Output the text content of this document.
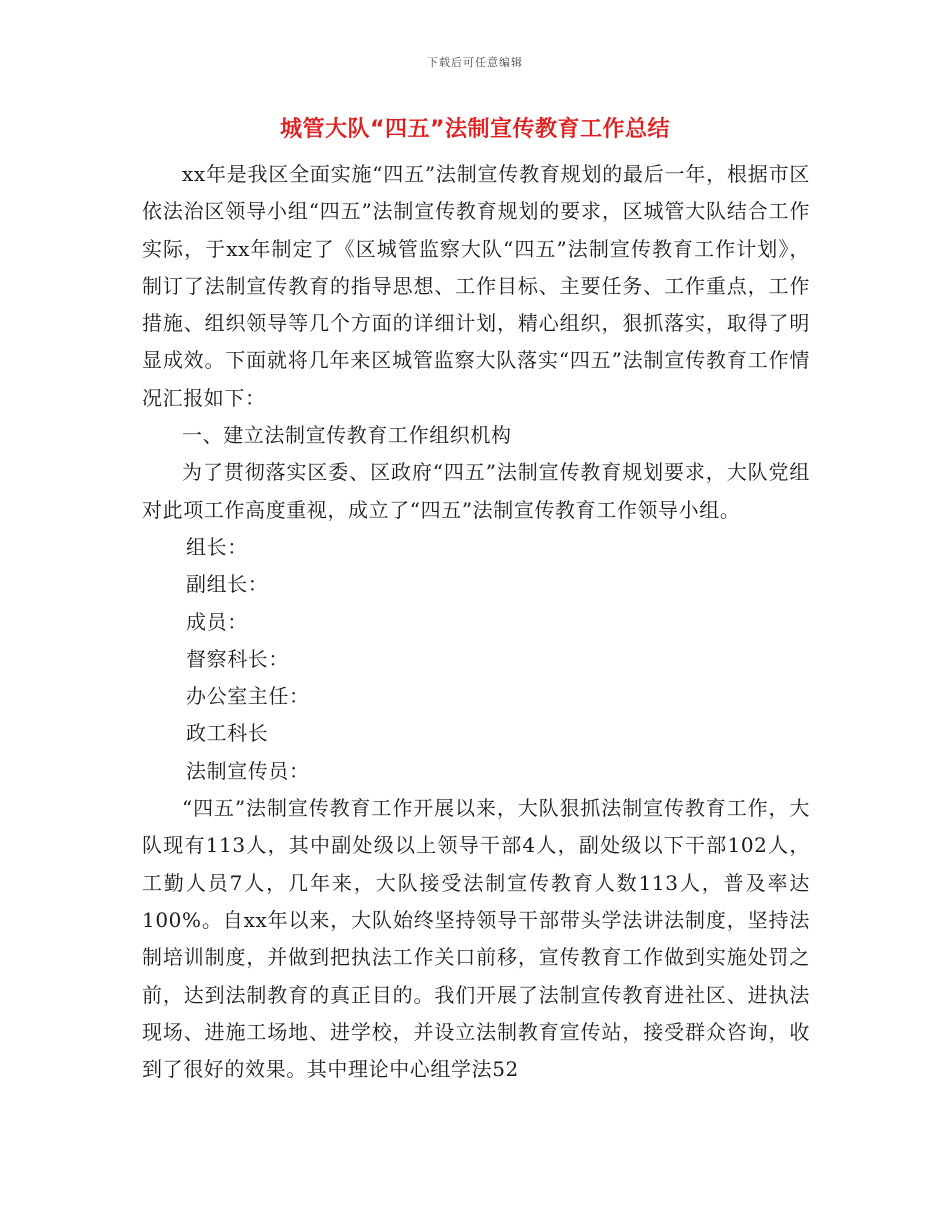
下载后可任意编辑
城管大队“四五”法制宣传教育工作总结

xx年是我区全面实施“四五”法制宣传教育规划的最后一年，根据市区依法治区领导小组“四五”法制宣传教育规划的要求，区城管大队结合工作实际，于xx年制定了《区城管监察大队“四五”法制宣传教育工作计划》，制订了法制宣传教育的指导思想、工作目标、主要任务、工作重点，工作措施、组织领导等几个方面的详细计划，精心组织，狠抓落实，取得了明显成效。下面就将几年来区城管监察大队落实“四五”法制宣传教育工作情况汇报如下：

一、建立法制宣传教育工作组织机构

为了贯彻落实区委、区政府“四五”法制宣传教育规划要求，大队党组对此项工作高度重视，成立了“四五”法制宣传教育工作领导小组。

组长：

副组长：

成员：

督察科长：

办公室主任：

政工科长

法制宣传员：

“四五”法制宣传教育工作开展以来，大队狠抓法制宣传教育工作，大队现有113人，其中副处级以上领导干部4人，副处级以下干部102人，工勤人员7人，几年来，大队接受法制宣传教育人数113人，普及率达100%。自xx年以来，大队始终坚持领导干部带头学法讲法制度，坚持法制培训制度，并做到把执法工作关口前移，宣传教育工作做到实施处罚之前，达到法制教育的真正目的。我们开展了法制宣传教育进社区、进执法现场、进施工场地、进学校，并设立法制教育宣传站，接受群众咨询，收到了很好的效果。其中理论中心组学法52
